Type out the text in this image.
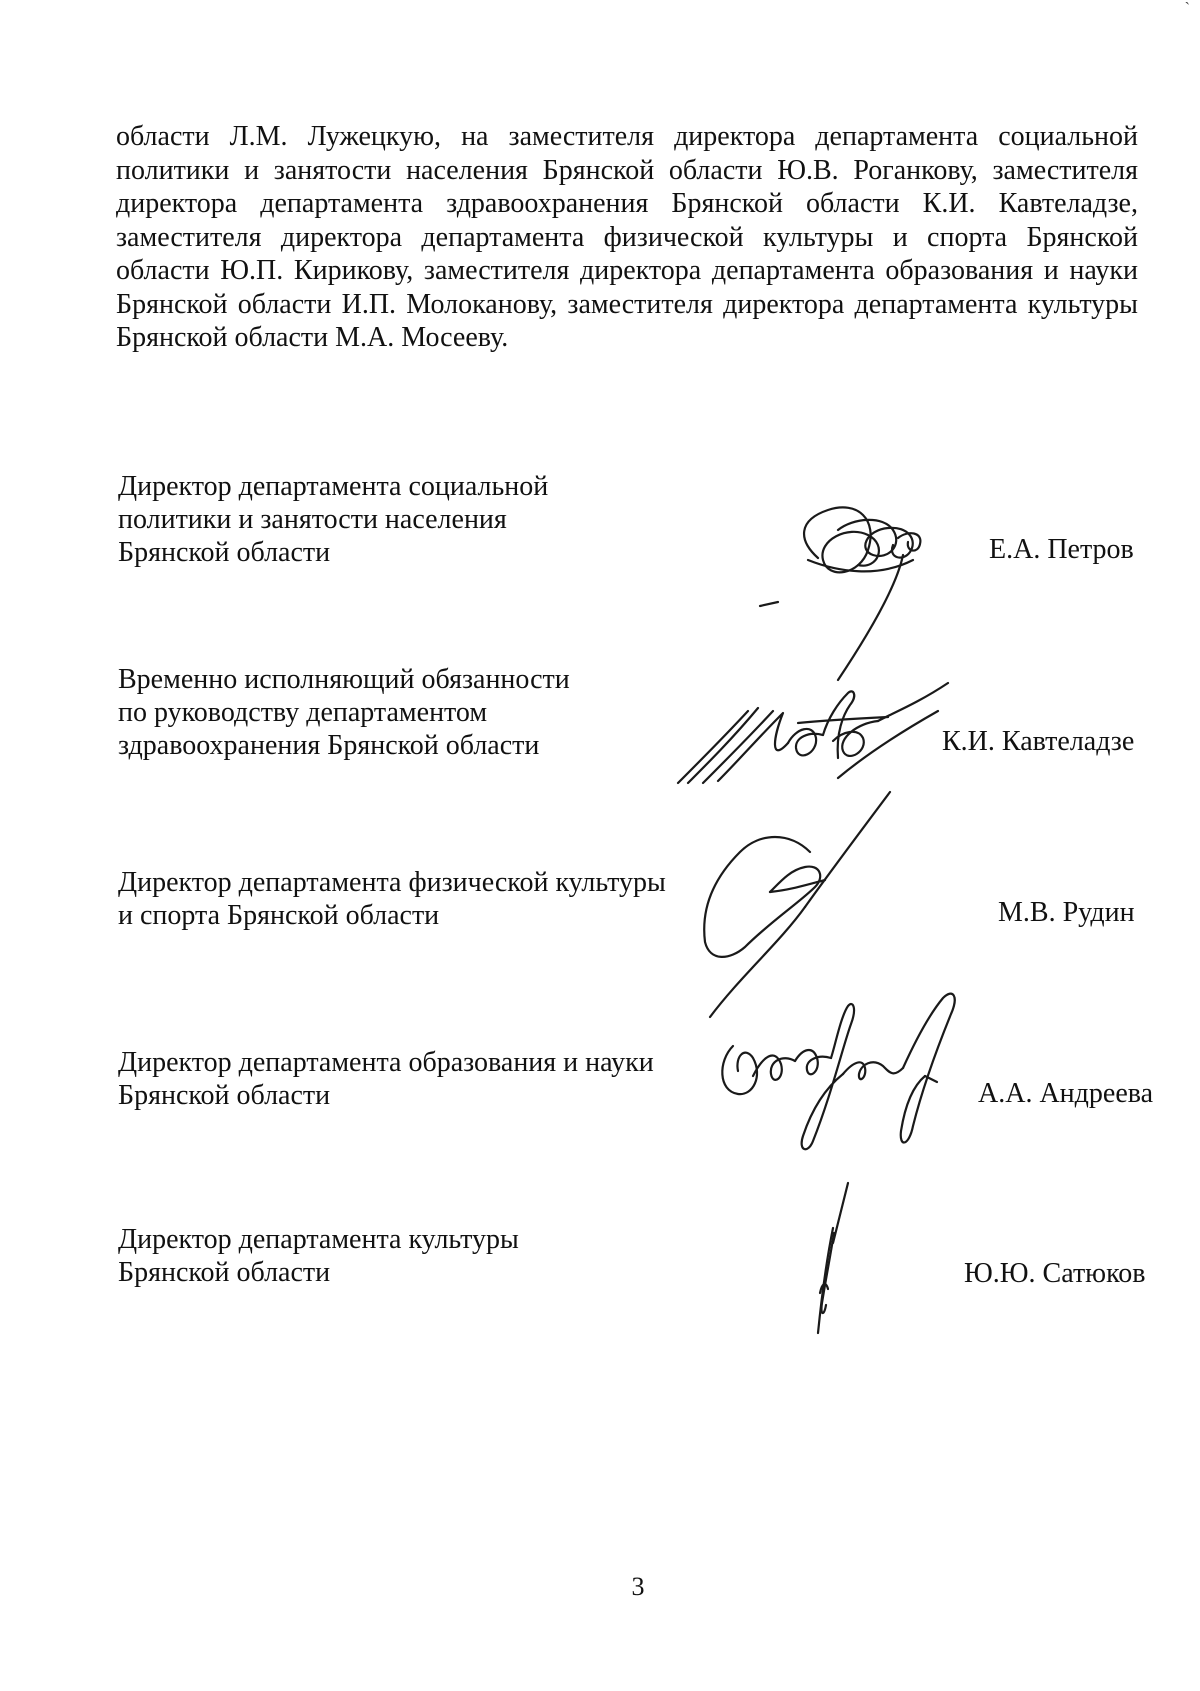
`

области Л.М. Лужецкую, на заместителя директора департамента социальной политики и занятости населения Брянской области Ю.В. Роганкову, заместителя директора департамента здравоохранения Брянской области К.И. Кавтеладзе, заместителя директора департамента физической культуры и спорта Брянской области Ю.П. Кирикову, заместителя директора департамента образования и науки Брянской области И.П. Молоканову, заместителя директора департамента культуры Брянской области М.А. Мосееву.

Директор департамента социальной
политики и занятости населения
Брянской области	Е.А. Петров
Временно исполняющий обязанности
по руководству департаментом
здравоохранения Брянской области	К.И. Кавтеладзе
Директор департамента физической культуры
и спорта Брянской области	М.В. Рудин
Директор департамента образования и науки
Брянской области	А.А. Андреева
Директор департамента культуры
Брянской области	Ю.Ю. Сатюков
3
